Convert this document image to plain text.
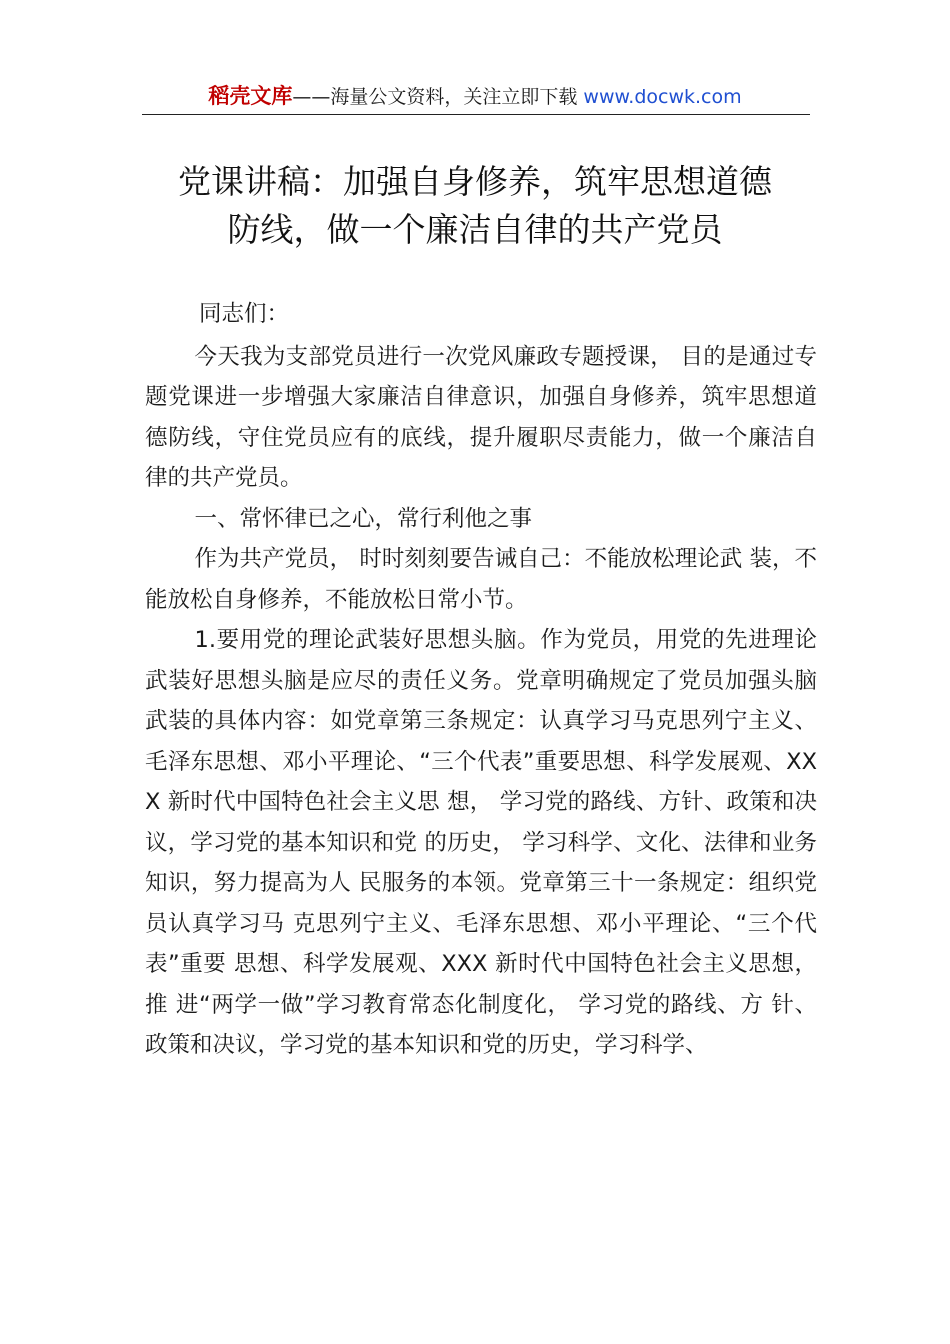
稻壳文库——海量公文资料，关注立即下载 www.docwk.com
党课讲稿：加强自身修养，筑牢思想道德
防线，做一个廉洁自律的共产党员

同志们：

今天我为支部党员进行一次党风廉政专题授课， 目的是通过专题党课进一步增强大家廉洁自律意识，加强自身修养，筑牢思想道德防线，守住党员应有的底线，提升履职尽责能力，做一个廉洁自律的共产党员。

一、常怀律已之心，常行利他之事

作为共产党员， 时时刻刻要告诫自己：不能放松理论武 装，不能放松自身修养，不能放松日常小节。

1.要用党的理论武装好思想头脑。作为党员，用党的先进理论武装好思想头脑是应尽的责任义务。党章明确规定了党员加强头脑武装的具体内容：如党章第三条规定：认真学习马克思列宁主义、毛泽东思想、邓小平理论、“三个代表”重要思想、科学发展观、XXX 新时代中国特色社会主义思 想， 学习党的路线、方针、政策和决议，学习党的基本知识和党 的历史， 学习科学、文化、法律和业务知识，努力提高为人 民服务的本领。党章第三十一条规定：组织党员认真学习马 克思列宁主义、毛泽东思想、邓小平理论、“三个代表”重要 思想、科学发展观、XXX 新时代中国特色社会主义思想，推 进“两学一做”学习教育常态化制度化， 学习党的路线、方 针、政策和决议，学习党的基本知识和党的历史，学习科学、
